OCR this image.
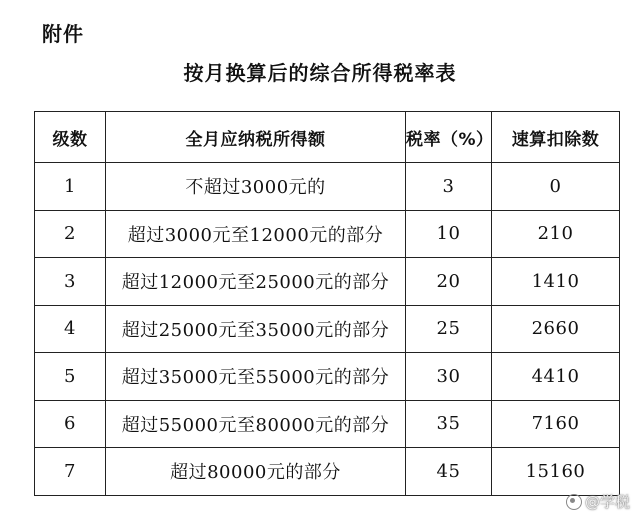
附件
按月换算后的综合所得税率表
级数	全月应纳税所得额	税率（%）	速算扣除数
1	不超过3000元的	3	0
2	超过3000元至12000元的部分	10	210
3	超过12000元至25000元的部分	20	1410
4	超过25000元至35000元的部分	25	2660
5	超过35000元至55000元的部分	30	4410
6	超过55000元至80000元的部分	35	7160
7	超过80000元的部分	45	15160
@学税
